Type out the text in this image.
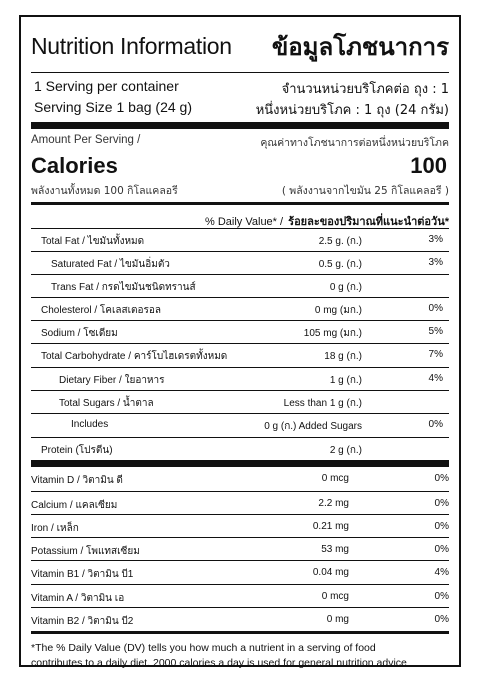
Nutrition Information ข้อมูลโภชนาการ
1 Serving per container	จำนวนหน่วยบริโภคต่อ ถุง : 1
Serving Size 1 bag (24 g)	หนึ่งหน่วยบริโภค : 1 ถุง (24 กรัม)
Amount Per Serving /	คุณค่าทางโภชนาการต่อหนึ่งหน่วยบริโภค
Calories	100
พลังงานทั้งหมด 100 กิโลแคลอรี	( พลังงานจากไขมัน 25 กิโลแคลอรี )
% Daily Value* / ร้อยละของปริมาณที่แนะนำต่อวัน*
Total Fat / ไขมันทั้งหมด	2.5 g. (ก.)	3%
Saturated Fat / ไขมันอิ่มตัว	0.5 g. (ก.)	3%
Trans Fat / กรดไขมันชนิดทรานส์	0 g (ก.)
Cholesterol / โคเลสเตอรอล	0 mg (มก.)	0%
Sodium / โซเดียม	105 mg (มก.)	5%
Total Carbohydrate / คาร์โบไฮเดรตทั้งหมด	18 g (ก.)	7%
Dietary Fiber / ใยอาหาร	1 g (ก.)	4%
Total Sugars / น้ำตาล	Less than 1 g (ก.)
Includes	0 g (ก.) Added Sugars	0%
Protein (โปรตีน)	2 g (ก.)
Vitamin D / วิตามิน ดี	0 mcg	0%
Calcium / แคลเซียม	2.2 mg	0%
Iron / เหล็ก	0.21 mg	0%
Potassium / โพแทสเซียม	53 mg	0%
Vitamin B1 / วิตามิน บี1	0.04 mg	4%
Vitamin A / วิตามิน เอ	0 mcg	0%
Vitamin B2 / วิตามิน บี2	0 mg	0%
*The % Daily Value (DV) tells you how much a nutrient in a serving of food
contributes to a daily diet. 2000 calories a day is used for general nutrition advice
